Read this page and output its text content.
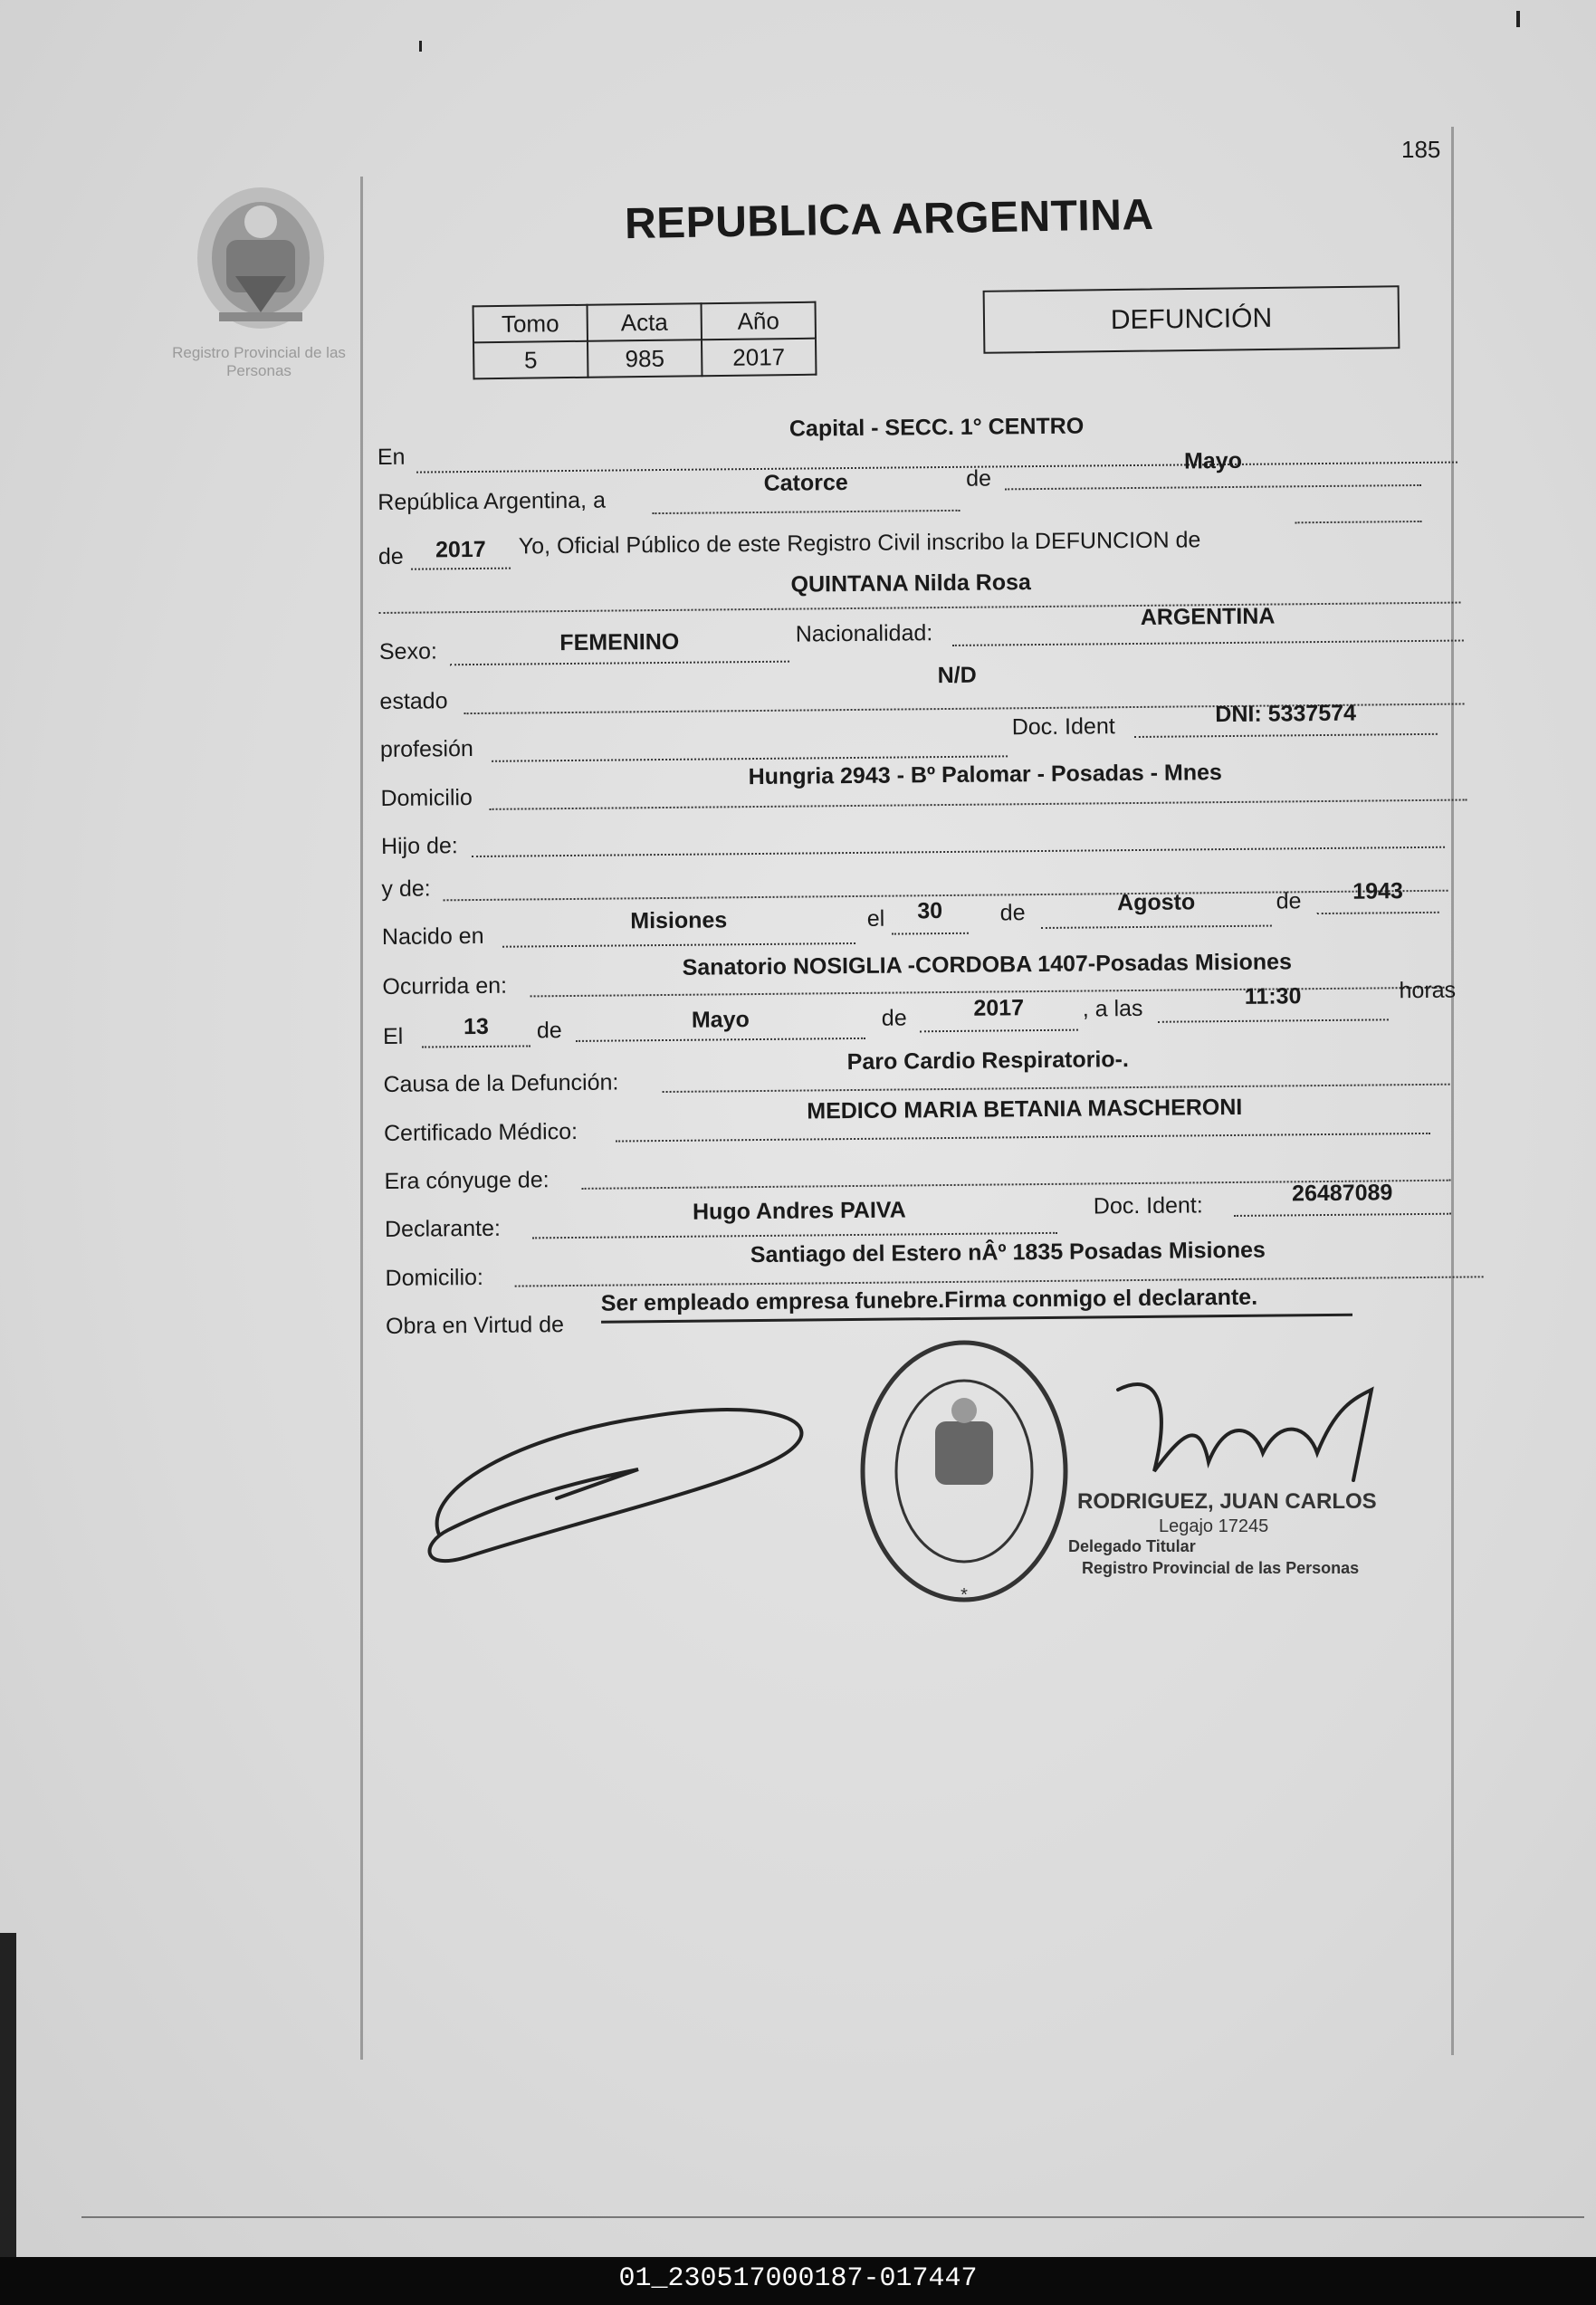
185
Registro Provincial de las Personas
REPUBLICA ARGENTINA
Tomo	Acta	Año
5	985	2017
DEFUNCIÓN
En
Capital - SECC. 1° CENTRO
República Argentina, a
Catorce	de
Mayo
de	2017	Yo, Oficial Público de este Registro Civil inscribo la DEFUNCION de
QUINTANA Nilda Rosa
Sexo:	FEMENINO	Nacionalidad:
ARGENTINA
estado
N/D
profesión
Doc. Ident	DNI: 5337574
Domicilio
Hungria 2943 - Bº Palomar - Posadas - Mnes
Hijo de:
y de:
Nacido en
Misiones	el	30	de	Agosto	de	1943
Ocurrida en:
Sanatorio NOSIGLIA -CORDOBA 1407-Posadas Misiones
El	13	de	Mayo	de	2017	, a las	11:30	horas
Causa de la Defunción:
Paro Cardio Respiratorio-.
Certificado Médico:
MEDICO MARIA BETANIA MASCHERONI
Era cónyuge de:
Declarante:
Hugo Andres PAIVA	Doc. Ident:	26487089
Domicilio:
Santiago del Estero nÂº 1835 Posadas Misiones
Obra en Virtud de
Ser empleado empresa funebre.Firma conmigo el declarante.
*
RODRIGUEZ, JUAN CARLOS
Legajo 17245
Delegado Titular
Registro Provincial de las Personas
01_230517000187-017447
